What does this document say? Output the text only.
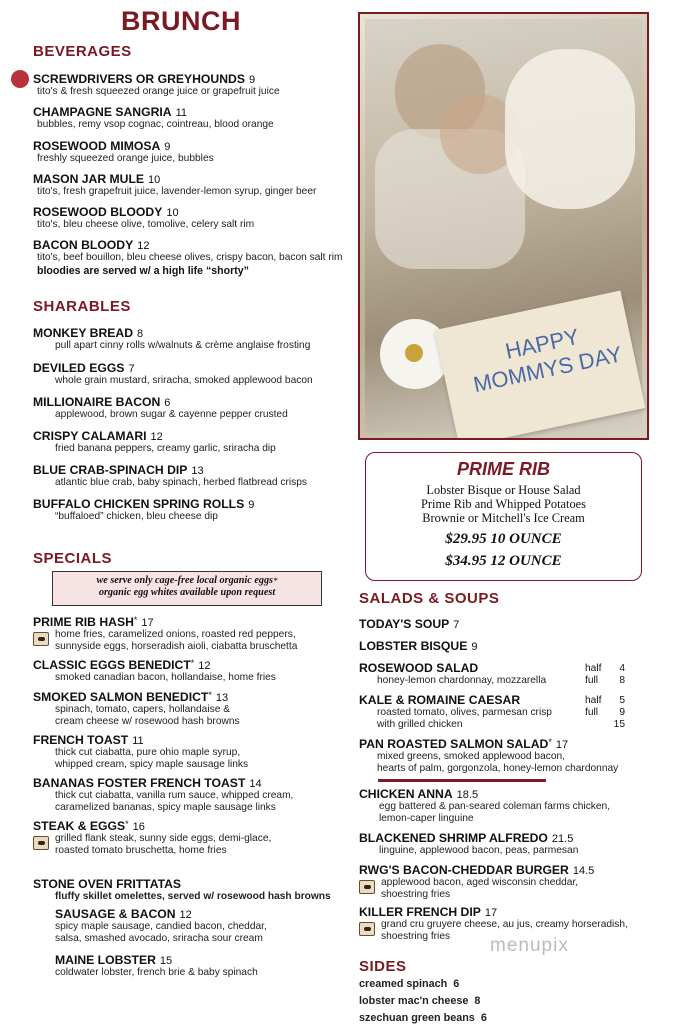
BRUNCH
BEVERAGES
SCREWDRIVERS OR GREYHOUNDS 9
tito's & fresh squeezed orange juice or grapefruit juice
CHAMPAGNE SANGRIA 11
bubbles, remy vsop cognac, cointreau, blood orange
ROSEWOOD MIMOSA 9
freshly squeezed orange juice, bubbles
MASON JAR MULE 10
tito's, fresh grapefruit juice, lavender-lemon syrup, ginger beer
ROSEWOOD BLOODY 10
tito's, bleu cheese olive, tomolive, celery salt rim
BACON BLOODY 12
tito's, beef bouillon, bleu cheese olives, crispy bacon, bacon salt rim
bloodies are served w/ a high life “shorty”
SHARABLES
MONKEY BREAD 8
pull apart cinny rolls w/walnuts & crème anglaise frosting
DEVILED EGGS 7
whole grain mustard, sriracha, smoked applewood bacon
MILLIONAIRE BACON 6
applewood, brown sugar & cayenne pepper crusted
CRISPY CALAMARI 12
fried banana peppers, creamy garlic, sriracha dip
BLUE CRAB-SPINACH DIP 13
atlantic blue crab, baby spinach, herbed flatbread crisps
BUFFALO CHICKEN SPRING ROLLS 9
“buffaloed” chicken, bleu cheese dip
SPECIALS
we serve only cage-free local organic eggs*
organic egg whites available upon request
PRIME RIB HASH* 17
home fries, caramelized onions, roasted red peppers,
sunnyside eggs, horseradish aioli, ciabatta bruschetta
CLASSIC EGGS BENEDICT* 12
smoked canadian bacon, hollandaise, home fries
SMOKED SALMON BENEDICT* 13
spinach, tomato, capers, hollandaise &
cream cheese w/ rosewood hash browns
FRENCH TOAST 11
thick cut ciabatta, pure ohio maple syrup,
whipped cream, spicy maple sausage links
BANANAS FOSTER FRENCH TOAST 14
thick cut ciabatta, vanilla rum sauce, whipped cream,
caramelized bananas, spicy maple sausage links
STEAK & EGGS* 16
grilled flank steak, sunny side eggs, demi-glace,
roasted tomato bruschetta, home fries
STONE OVEN FRITTATAS
fluffy skillet omelettes, served w/ rosewood hash browns
SAUSAGE & BACON 12
spicy maple sausage, candied bacon, cheddar,
salsa, smashed avocado, sriracha sour cream
MAINE LOBSTER 15
coldwater lobster, french brie & baby spinach
HAPPY MOMMYS DAY
PRIME RIB
Lobster Bisque or House Salad
Prime Rib and Whipped Potatoes
Brownie or Mitchell's Ice Cream
$29.95 10 OUNCE
$34.95 12 OUNCE
SALADS & SOUPS
TODAY'S SOUP 7
LOBSTER BISQUE 9
ROSEWOOD SALAD
honey-lemon chardonnay, mozzarella
half 4
full 8
KALE & ROMAINE CAESAR
roasted tomato, olives, parmesan crisp
with grilled chicken
half 5
full 9
15
PAN ROASTED SALMON SALAD* 17
mixed greens, smoked applewood bacon,
hearts of palm, gorgonzola, honey-lemon chardonnay
CHICKEN ANNA 18.5
egg battered & pan-seared coleman farms chicken,
lemon-caper linguine
BLACKENED SHRIMP ALFREDO 21.5
linguine, applewood bacon, peas, parmesan
RWG'S BACON-CHEDDAR BURGER 14.5
applewood bacon, aged wisconsin cheddar,
shoestring fries
KILLER FRENCH DIP 17
grand cru gruyere cheese, au jus, creamy horseradish,
shoestring fries
SIDES
creamed spinach 6
lobster mac'n cheese 8
szechuan green beans 6
menupix
